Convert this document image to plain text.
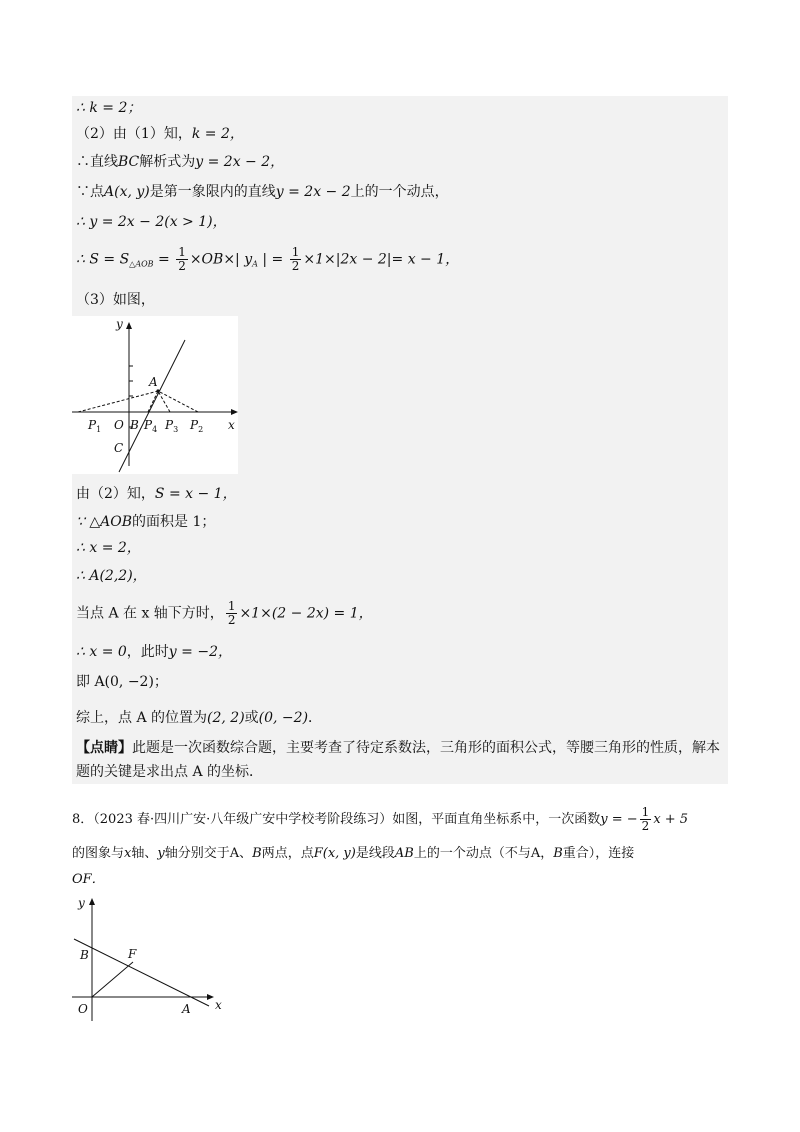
∴ k = 2；
（2）由（1）知，k = 2，
∴直线BC解析式为y = 2x − 2，
∵点A(x, y)是第一象限内的直线y = 2x − 2上的一个动点，
∴ y = 2x − 2(x > 1)，
∴ $S = S_{\triangle AOB} = \frac{1}{2} \times OB\times|$ $y_A$ | = $\frac{1}{2} \times 1\times|2x - 2|= x - 1$，
（3）如图，
y
A
$P_1$ O B $P_4$ $P_3$ $P_2$ x
C
由（2）知，S = x − 1，
∵ △AOB的面积是 1；
∴ x = 2，
∴ A(2,2)，
当点 A 在 x 轴下方时， $\frac{1}{2} \times 1\times(2 - 2x) = 1$，
∴ x = 0，此时y = −2，
即 A(0, −2)；
综上，点 A 的位置为(2, 2)或(0, −2)．
【点睛】此题是一次函数综合题，主要考查了待定系数法，三角形的面积公式，等腰三角形的性质，解本
题的关键是求出点 A 的坐标．
8．（2023 春·四川广安·八年级广安中学校考阶段练习）如图，平面直角坐标系中，一次函数y = − $\frac{1}{2}$ x + 5
的图象与x轴、y轴分别交于A、B两点，点F(x, y)是线段AB上的一个动点（不与A，B重合），连接
OF．
y
B	F
O	A x
